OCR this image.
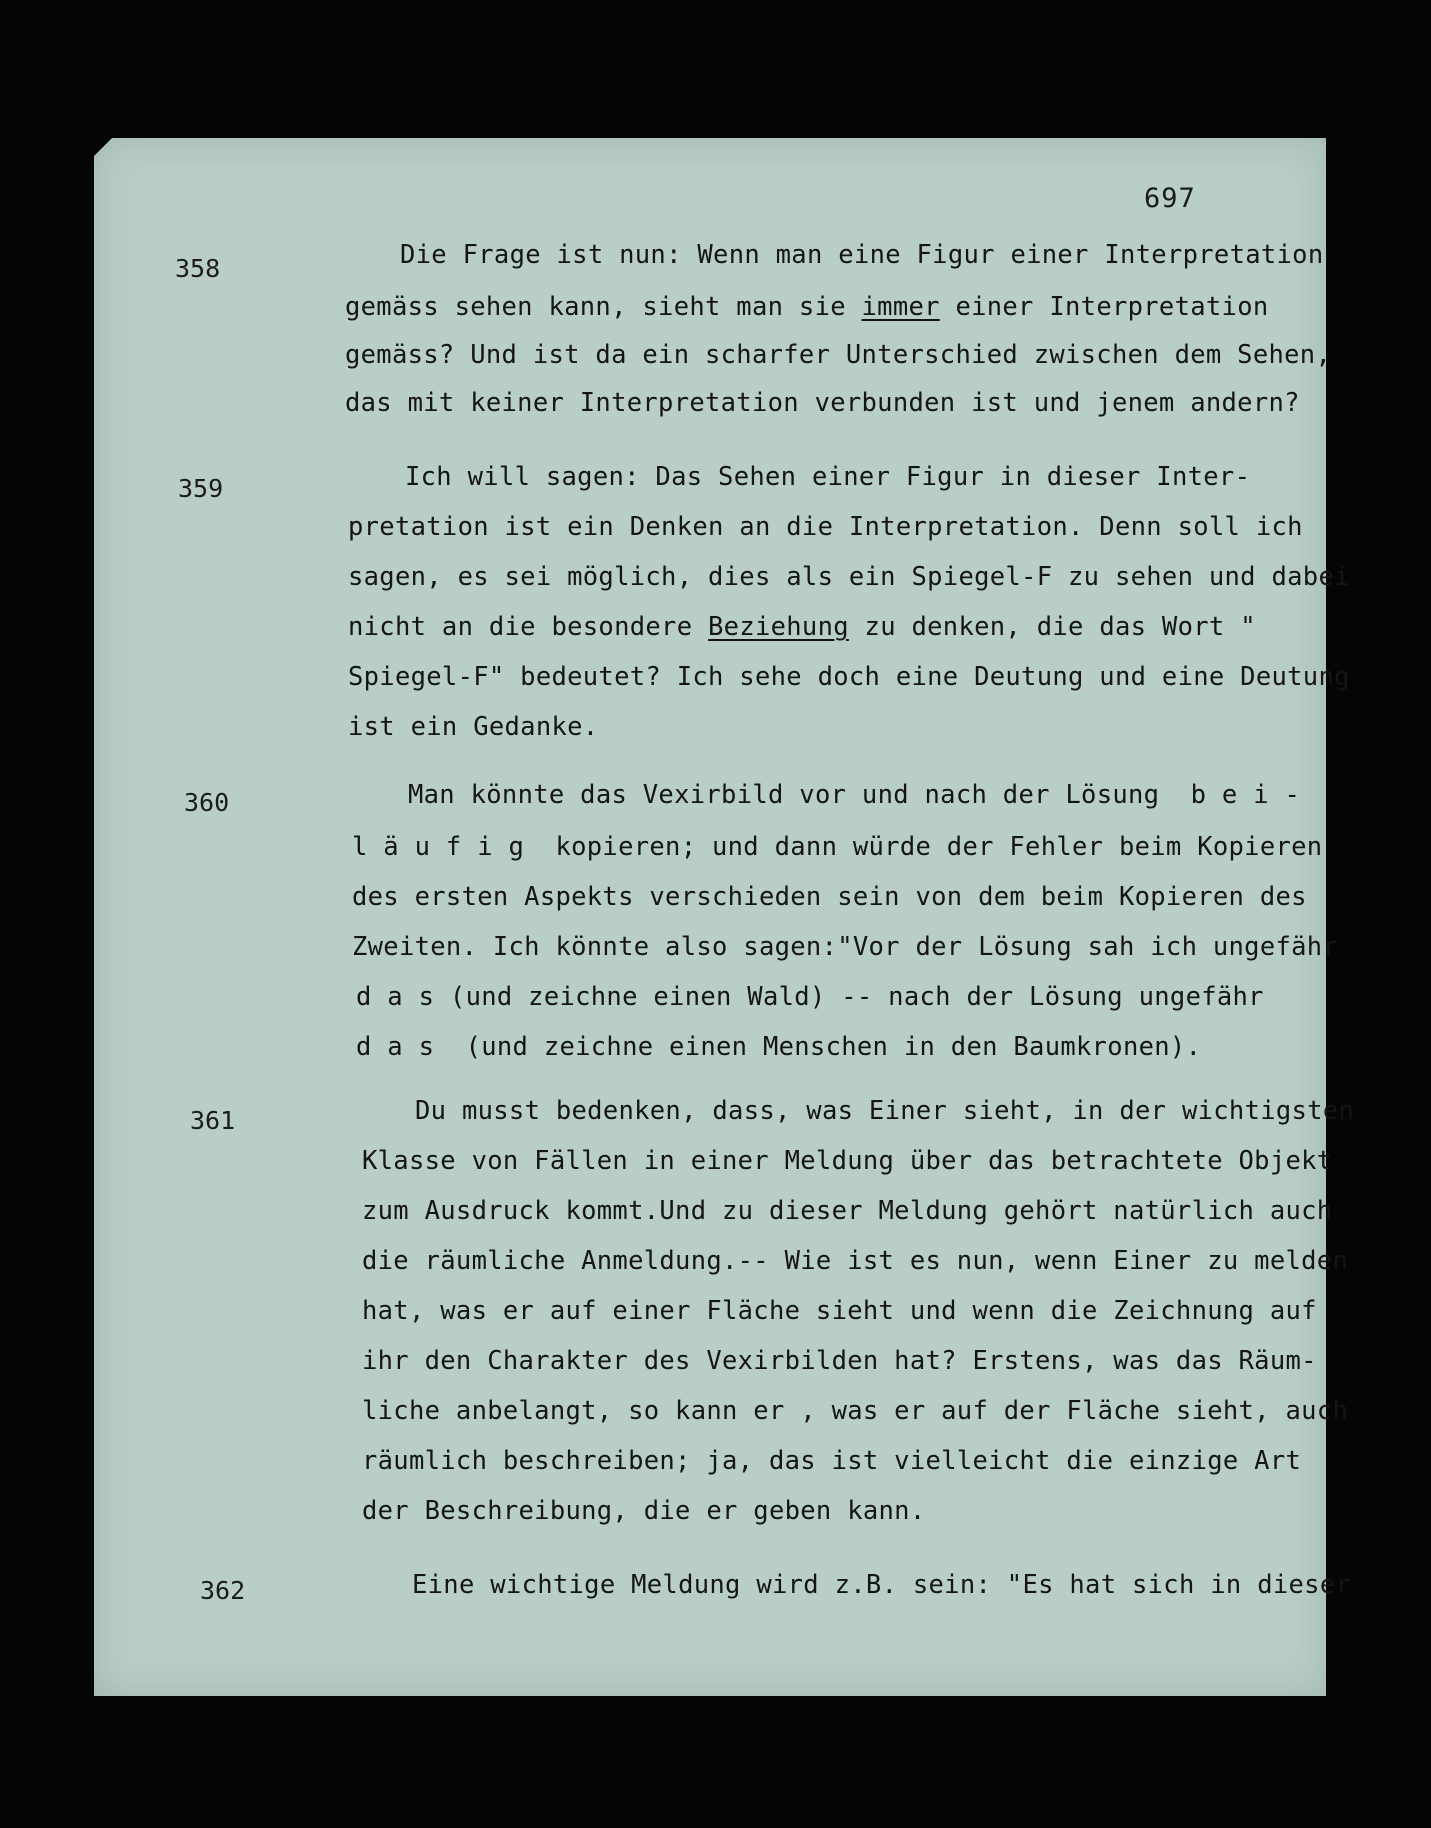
697
358	Die Frage ist nun: Wenn man eine Figur einer Interpretation
gemäss sehen kann, sieht man sie immer einer Interpretation
gemäss? Und ist da ein scharfer Unterschied zwischen dem Sehen,
das mit keiner Interpretation verbunden ist und jenem andern?
359	Ich will sagen: Das Sehen einer Figur in dieser Inter-
pretation ist ein Denken an die Interpretation. Denn soll ich
sagen, es sei möglich, dies als ein Spiegel-F zu sehen und dabei
nicht an die besondere Beziehung zu denken, die das Wort "
Spiegel-F" bedeutet? Ich sehe doch eine Deutung und eine Deutung
ist ein Gedanke.
360	Man könnte das Vexirbild vor und nach der Lösung  b e i -
l ä u f i g  kopieren; und dann würde der Fehler beim Kopieren
des ersten Aspekts verschieden sein von dem beim Kopieren des
Zweiten. Ich könnte also sagen:"Vor der Lösung sah ich ungefähr
d a s (und zeichne einen Wald) -- nach der Lösung ungefähr
d a s  (und zeichne einen Menschen in den Baumkronen).
361	Du musst bedenken, dass, was Einer sieht, in der wichtigsten
Klasse von Fällen in einer Meldung über das betrachtete Objekt
zum Ausdruck kommt.Und zu dieser Meldung gehört natürlich auch
die räumliche Anmeldung.-- Wie ist es nun, wenn Einer zu melden
hat, was er auf einer Fläche sieht und wenn die Zeichnung auf
ihr den Charakter des Vexirbilden hat? Erstens, was das Räum-
liche anbelangt, so kann er , was er auf der Fläche sieht, auch
räumlich beschreiben; ja, das ist vielleicht die einzige Art
der Beschreibung, die er geben kann.
362	Eine wichtige Meldung wird z.B. sein: "Es hat sich in dieser
